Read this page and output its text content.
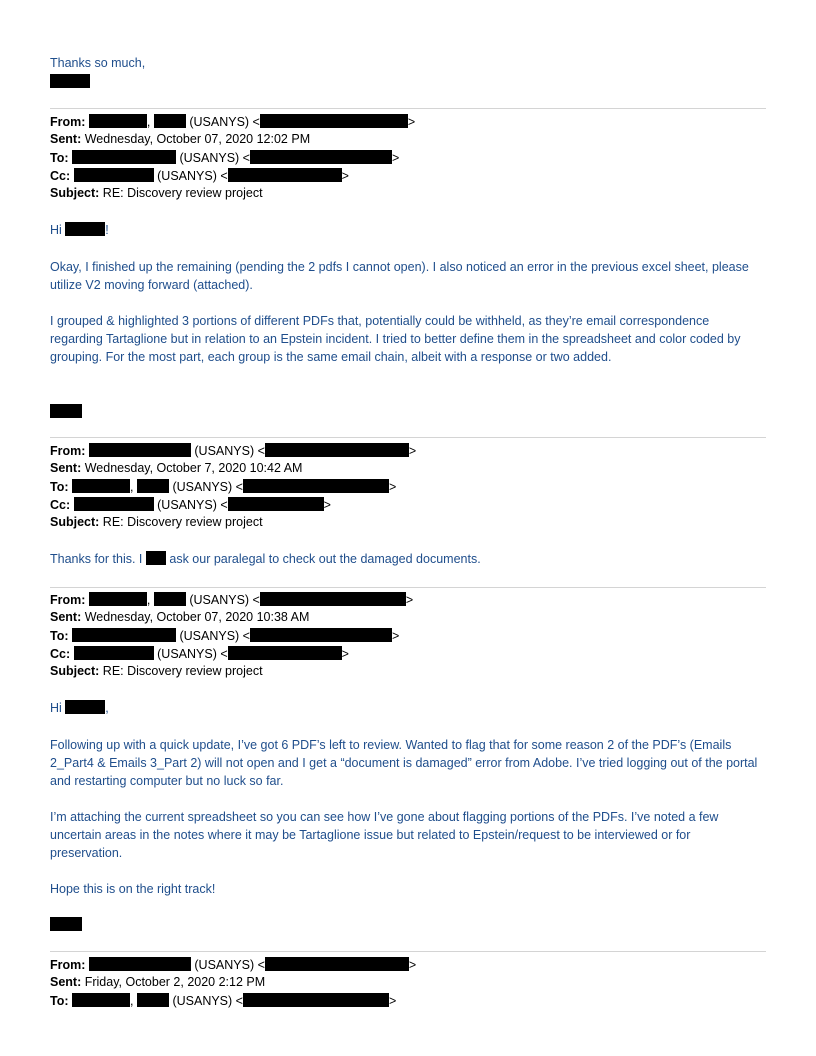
Thanks so much,
From:	,	(USANYS) <	>
Sent: Wednesday, October 07, 2020 12:02 PM
To:	(USANYS) <	>
Cc:	(USANYS) <	>
Subject: RE: Discovery review project
Hi	!
Okay, I finished up the remaining (pending the 2 pdfs I cannot open). I also noticed an error in the previous excel sheet, please utilize V2 moving forward (attached).
I grouped & highlighted 3 portions of different PDFs that, potentially could be withheld, as they’re email correspondence regarding Tartaglione but in relation to an Epstein incident. I tried to better define them in the spreadsheet and color coded by grouping. For the most part, each group is the same email chain, albeit with a response or two added.
From:	(USANYS) <	>
Sent: Wednesday, October 7, 2020 10:42 AM
To:	,	(USANYS) <	>
Cc:	(USANYS) <	>
Subject: RE: Discovery review project
Thanks for this. I ask our paralegal to check out the damaged documents.
From:	,	(USANYS) <	>
Sent: Wednesday, October 07, 2020 10:38 AM
To:	(USANYS) <	>
Cc:	(USANYS) <	>
Subject: RE: Discovery review project
Hi	,
Following up with a quick update, I’ve got 6 PDF’s left to review. Wanted to flag that for some reason 2 of the PDF’s (Emails 2_Part4 & Emails 3_Part 2) will not open and I get a “document is damaged” error from Adobe. I’ve tried logging out of the portal and restarting computer but no luck so far.
I’m attaching the current spreadsheet so you can see how I’ve gone about flagging portions of the PDFs. I’ve noted a few uncertain areas in the notes where it may be Tartaglione issue but related to Epstein/request to be interviewed or for preservation.
Hope this is on the right track!
From:	(USANYS) <	>
Sent: Friday, October 2, 2020 2:12 PM
To:	,	(USANYS) <	>
